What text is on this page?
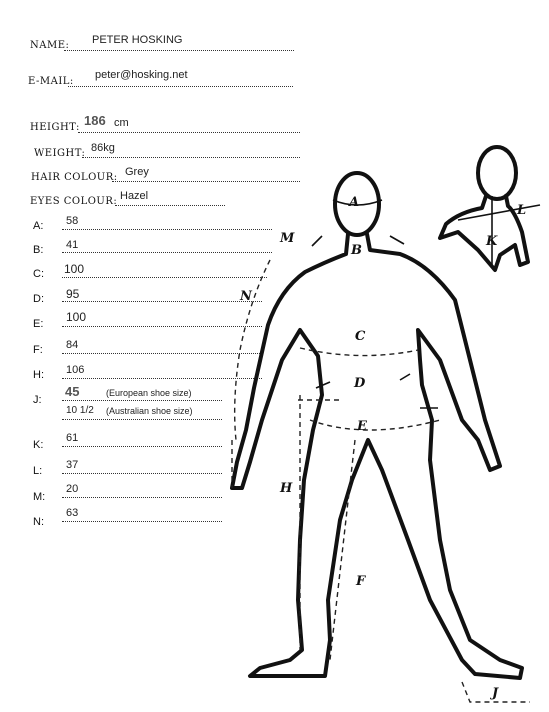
NAME: PETER HOSKING
E-MAIL:
peter@hosking.net
HEIGHT: 186 cm
WEIGHT: 86kg
HAIR COLOUR: Grey
EYES COLOUR: Hazel
A: 58
B: 41
C: 100
D: 95
E: 100
F: 84
H: 106
J:
45	(European shoe size)
10 1/2 (Australian shoe size)
K:
61
L: 37
M:
20
N:
63
A
B
C
D
E
F
H
J
K
L
M
N
